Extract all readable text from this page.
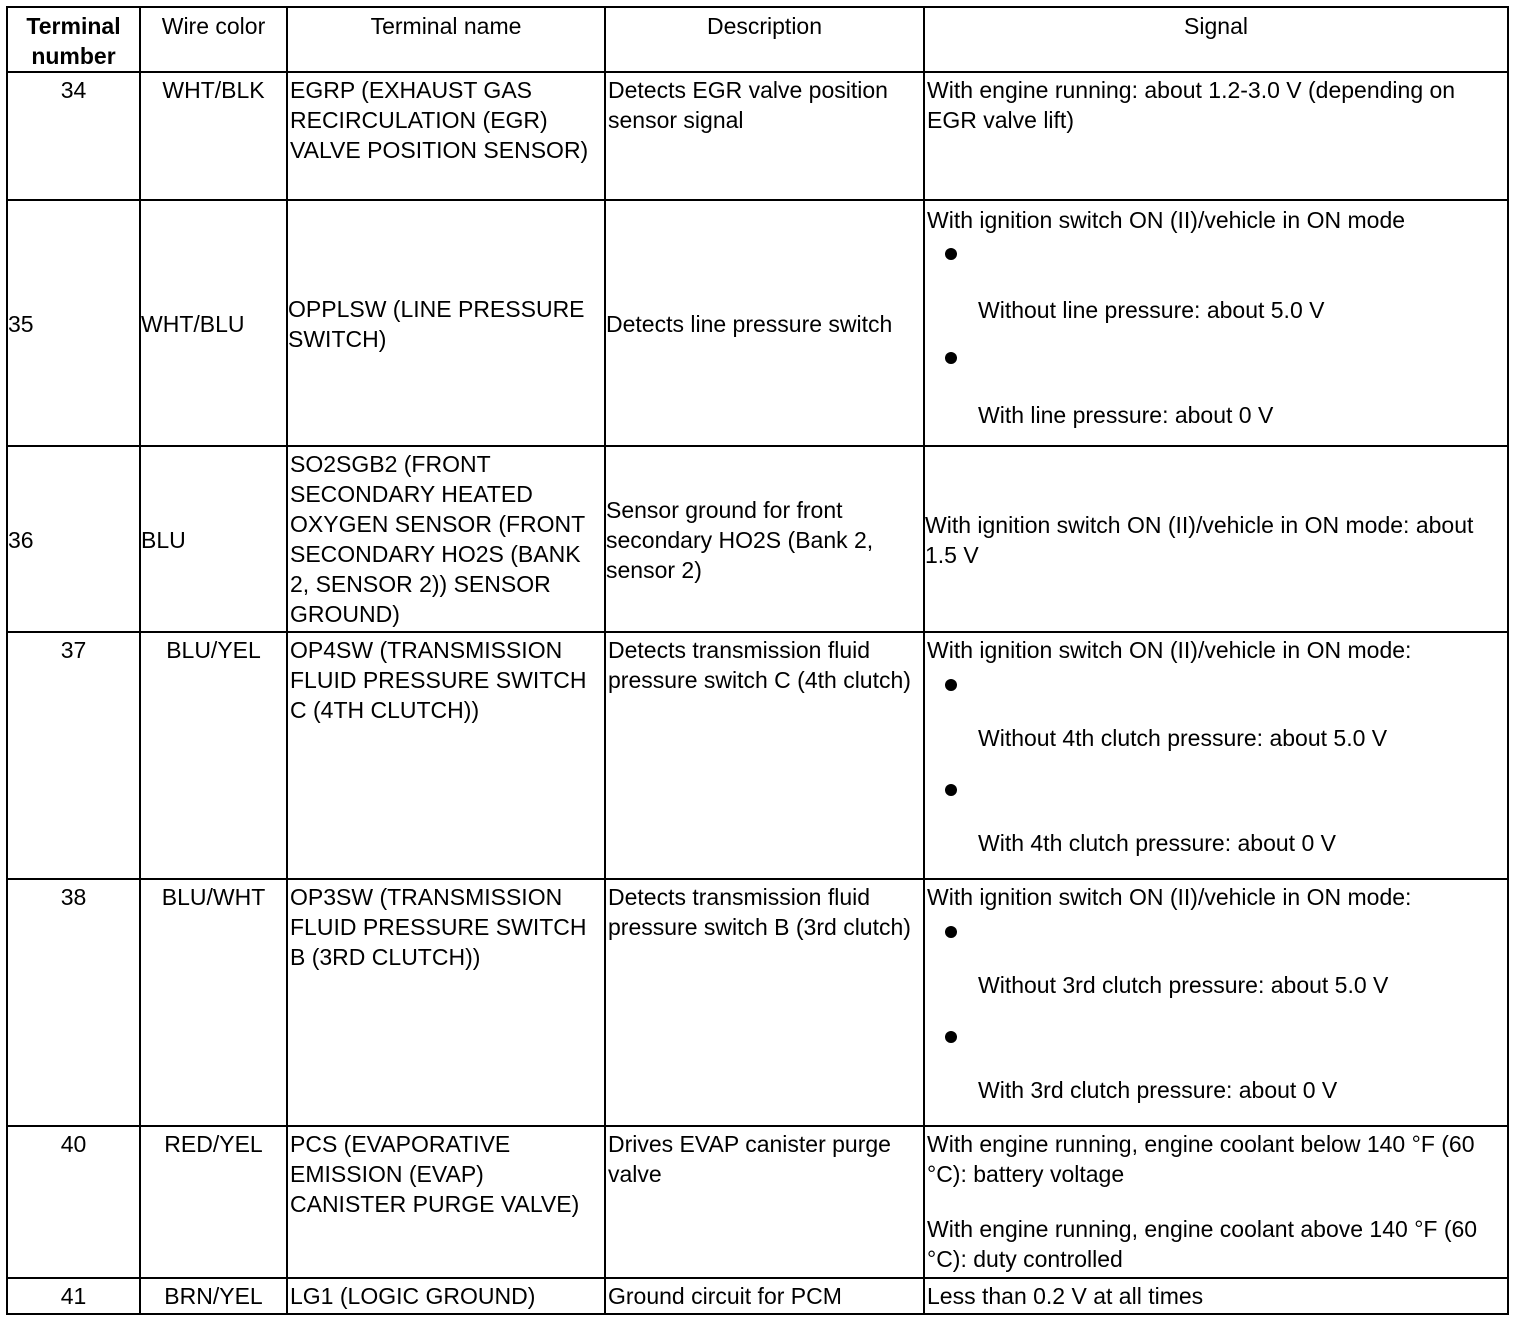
Terminal number	Wire color	Terminal name	Description	Signal
34	WHT/BLK	EGRP (EXHAUST GAS RECIRCULATION (EGR) VALVE POSITION SENSOR)	Detects EGR valve position sensor signal	With engine running: about 1.2-3.0 V (depending on EGR valve lift)
35	WHT/BLU	OPPLSW (LINE PRESSURE SWITCH)	Detects line pressure switch	With ignition switch ON (II)/vehicle in ON mode
Without line pressure: about 5.0 V
With line pressure: about 0 V

36	BLU	SO2SGB2 (FRONT SECONDARY HEATED OXYGEN SENSOR (FRONT SECONDARY HO2S (BANK 2, SENSOR 2)) SENSOR GROUND)	Sensor ground for front secondary HO2S (Bank 2, sensor 2)	With ignition switch ON (II)/vehicle in ON mode: about 1.5 V
37	BLU/YEL	OP4SW (TRANSMISSION FLUID PRESSURE SWITCH C (4TH CLUTCH))	Detects transmission fluid pressure switch C (4th clutch)	With ignition switch ON (II)/vehicle in ON mode:
Without 4th clutch pressure: about 5.0 V
With 4th clutch pressure: about 0 V

38	BLU/WHT	OP3SW (TRANSMISSION FLUID PRESSURE SWITCH B (3RD CLUTCH))	Detects transmission fluid pressure switch B (3rd clutch)	With ignition switch ON (II)/vehicle in ON mode:
Without 3rd clutch pressure: about 5.0 V
With 3rd clutch pressure: about 0 V

40	RED/YEL	PCS (EVAPORATIVE EMISSION (EVAP) CANISTER PURGE VALVE)	Drives EVAP canister purge valve	With engine running, engine coolant below 140 °F (60 °C): battery voltage
With engine running, engine coolant above 140 °F (60 °C): duty controlled

41	BRN/YEL	LG1 (LOGIC GROUND)	Ground circuit for PCM	Less than 0.2 V at all times
